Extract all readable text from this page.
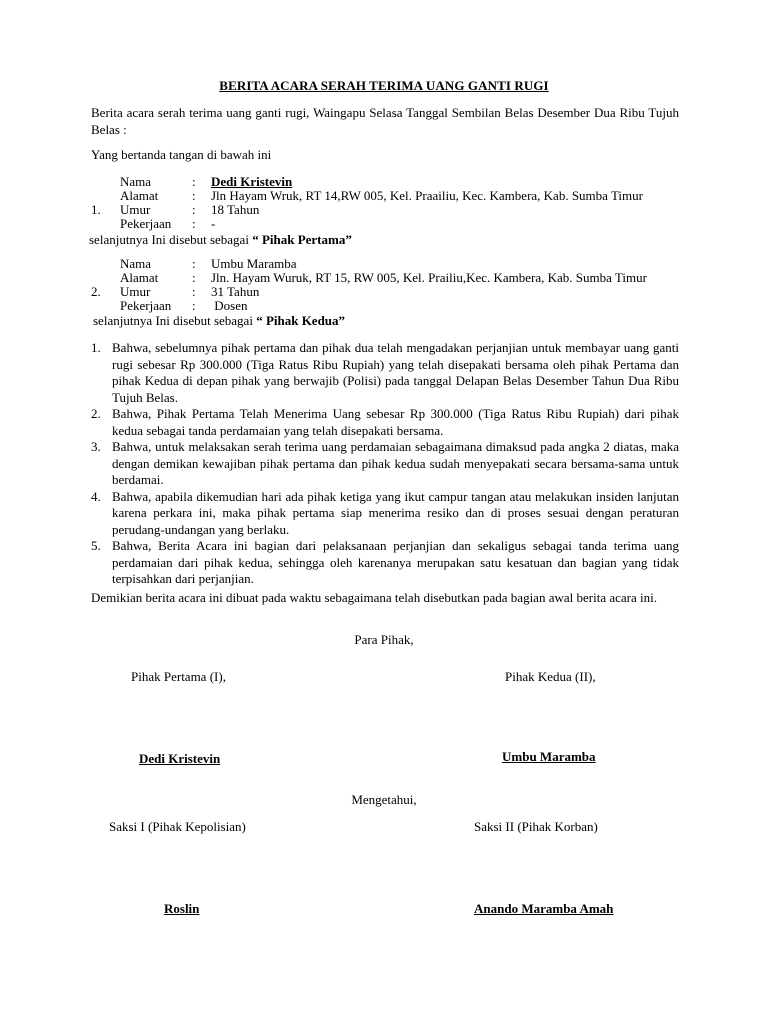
BERITA ACARA SERAH TERIMA UANG GANTI RUGI
Berita acara serah terima uang ganti rugi, Waingapu Selasa Tanggal Sembilan Belas Desember Dua Ribu Tujuh Belas :
Yang bertanda tangan di bawah ini
Nama	: Dedi Kristevin
Alamat	: Jln Hayam Wruk, RT 14,RW 005, Kel. Praailiu, Kec. Kambera, Kab. Sumba Timur
1. Umur	: 18 Tahun
Pekerjaan : -
selanjutnya Ini disebut sebagai “ Pihak Pertama”
Nama	: Umbu Maramba
Alamat	: Jln. Hayam Wuruk, RT 15, RW 005, Kel. Prailiu,Kec. Kambera, Kab. Sumba Timur
2. Umur	: 31 Tahun
Pekerjaan : Dosen
selanjutnya Ini disebut sebagai “ Pihak Kedua”
1. Bahwa, sebelumnya pihak pertama dan pihak dua telah mengadakan perjanjian untuk membayar uang ganti rugi sebesar Rp 300.000 (Tiga Ratus Ribu Rupiah) yang telah disepakati bersama oleh pihak Pertama dan pihak Kedua di depan pihak yang berwajib (Polisi) pada tanggal Delapan Belas Desember Tahun Dua Ribu Tujuh Belas.
2. Bahwa, Pihak Pertama Telah Menerima Uang sebesar Rp 300.000 (Tiga Ratus Ribu Rupiah) dari pihak kedua sebagai tanda perdamaian yang telah disepakati bersama.
3. Bahwa, untuk melaksakan serah terima uang perdamaian sebagaimana dimaksud pada angka 2 diatas, maka dengan demikan kewajiban pihak pertama dan pihak kedua sudah menyepakati secara bersama-sama untuk berdamai.
4. Bahwa, apabila dikemudian hari ada pihak ketiga yang ikut campur tangan atau melakukan insiden lanjutan karena perkara ini, maka pihak pertama siap menerima resiko dan di proses sesuai dengan peraturan perudang-undangan yang berlaku.
5. Bahwa, Berita Acara ini bagian dari pelaksanaan perjanjian dan sekaligus sebagai tanda terima uang perdamaian dari pihak kedua, sehingga oleh karenanya merupakan satu kesatuan dan bagian yang tidak terpisahkan dari perjanjian.
Demikian berita acara ini dibuat pada waktu sebagaimana telah disebutkan pada bagian awal berita acara ini.
Para Pihak,
Pihak Pertama (I),	Pihak Kedua (II),
Dedi Kristevin	Umbu Maramba
Mengetahui,
Saksi I (Pihak Kepolisian)	Saksi II (Pihak Korban)
Roslin	Anando Maramba Amah
